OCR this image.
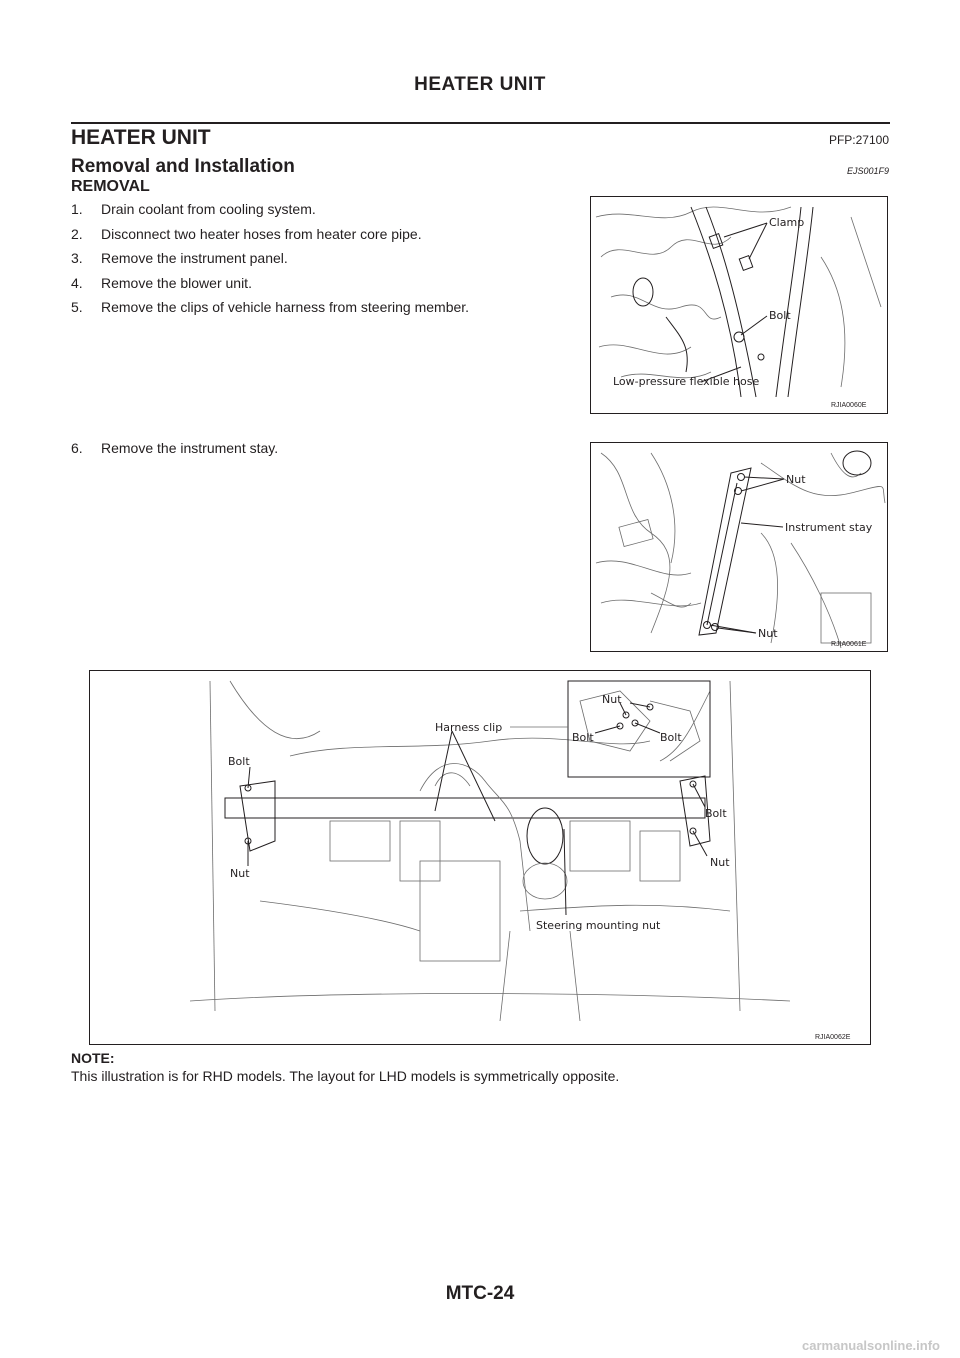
HEATER UNIT
HEATER UNIT	PFP:27100
Removal and Installation	EJS001F9
REMOVAL
1. Drain coolant from cooling system.
2. Disconnect two heater hoses from heater core pipe.
3. Remove the instrument panel.
4. Remove the blower unit.
5. Remove the clips of vehicle harness from steering member.
6. Remove the instrument stay.
Clamp
Bolt
Low-pressure flexible hose
RJIA0060E
Nut
Instrument stay
Nut
RJIA0061E
Nut
Bolt	Bolt
Harness clip
Bolt
Nut
Bolt
Nut
Steering mounting nut
RJIA0062E
NOTE:
This illustration is for RHD models. The layout for LHD models is symmetrically opposite.
MTC-24
carmanualsonline.info
